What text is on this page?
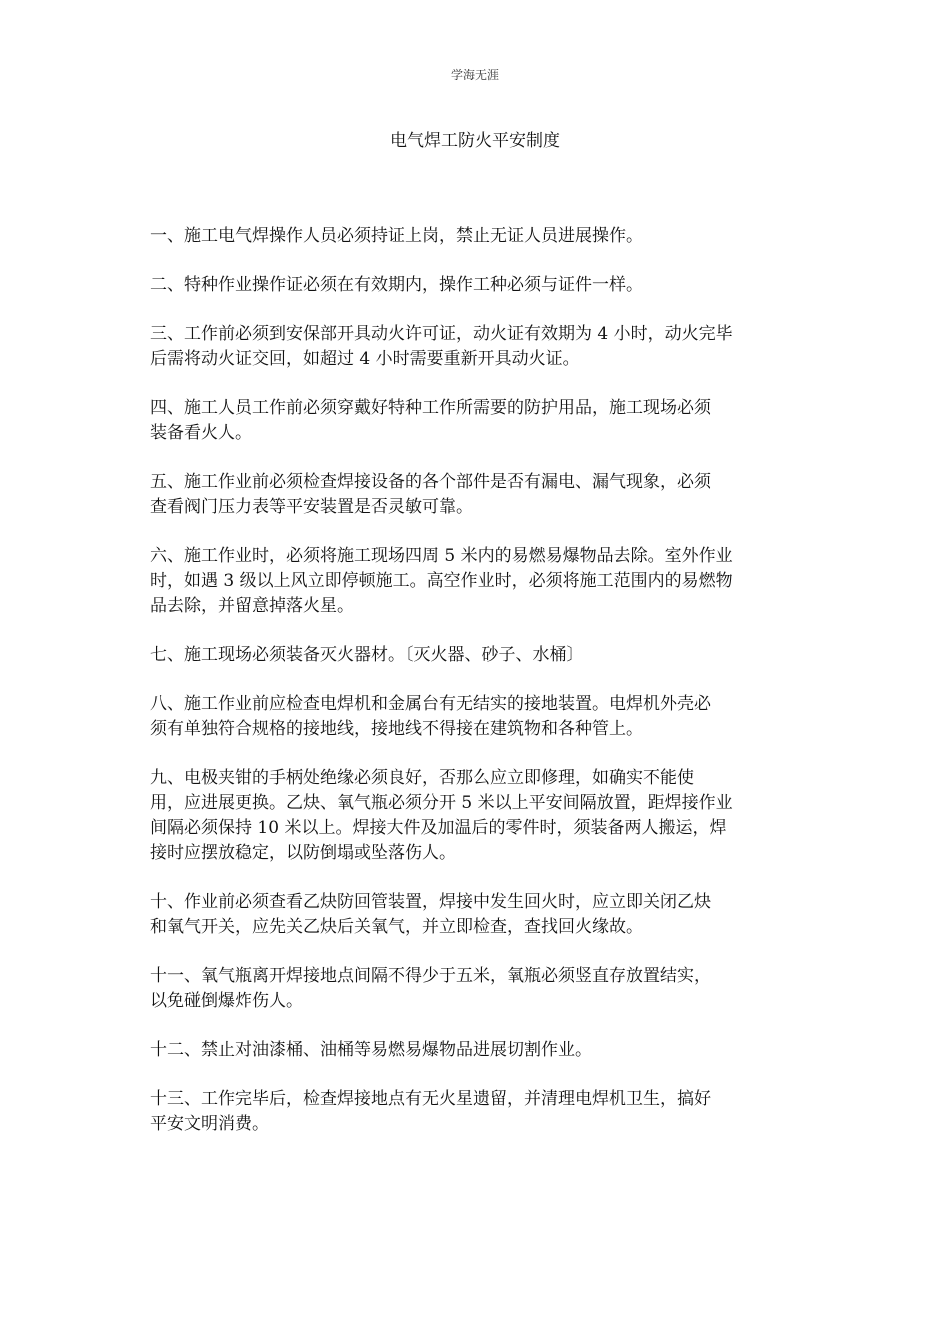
学海无涯
电气焊工防火平安制度

一、施工电气焊操作人员必须持证上岗，禁止无证人员进展操作。

二、特种作业操作证必须在有效期内，操作工种必须与证件一样。

三、工作前必须到安保部开具动火许可证，动火证有效期为 4 小时，动火完毕
后需将动火证交回，如超过 4 小时需要重新开具动火证。

四、施工人员工作前必须穿戴好特种工作所需要的防护用品，施工现场必须
装备看火人。

五、施工作业前必须检查焊接设备的各个部件是否有漏电、漏气现象，必须
查看阀门压力表等平安装置是否灵敏可靠。

六、施工作业时，必须将施工现场四周 5 米内的易燃易爆物品去除。室外作业
时，如遇 3 级以上风立即停顿施工。高空作业时，必须将施工范围内的易燃物
品去除，并留意掉落火星。

七、施工现场必须装备灭火器材。〔灭火器、砂子、水桶〕

八、施工作业前应检查电焊机和金属台有无结实的接地装置。电焊机外壳必
须有单独符合规格的接地线，接地线不得接在建筑物和各种管上。

九、电极夹钳的手柄处绝缘必须良好，否那么应立即修理，如确实不能使
用，应进展更换。乙炔、氧气瓶必须分开 5 米以上平安间隔放置，距焊接作业
间隔必须保持 10 米以上。焊接大件及加温后的零件时，须装备两人搬运，焊
接时应摆放稳定，以防倒塌或坠落伤人。

十、作业前必须查看乙炔防回管装置，焊接中发生回火时，应立即关闭乙炔
和氧气开关，应先关乙炔后关氧气，并立即检查，查找回火缘故。

十一、氧气瓶离开焊接地点间隔不得少于五米，氧瓶必须竖直存放置结实，
以免碰倒爆炸伤人。

十二、禁止对油漆桶、油桶等易燃易爆物品进展切割作业。

十三、工作完毕后，检查焊接地点有无火星遗留，并清理电焊机卫生，搞好
平安文明消费。
